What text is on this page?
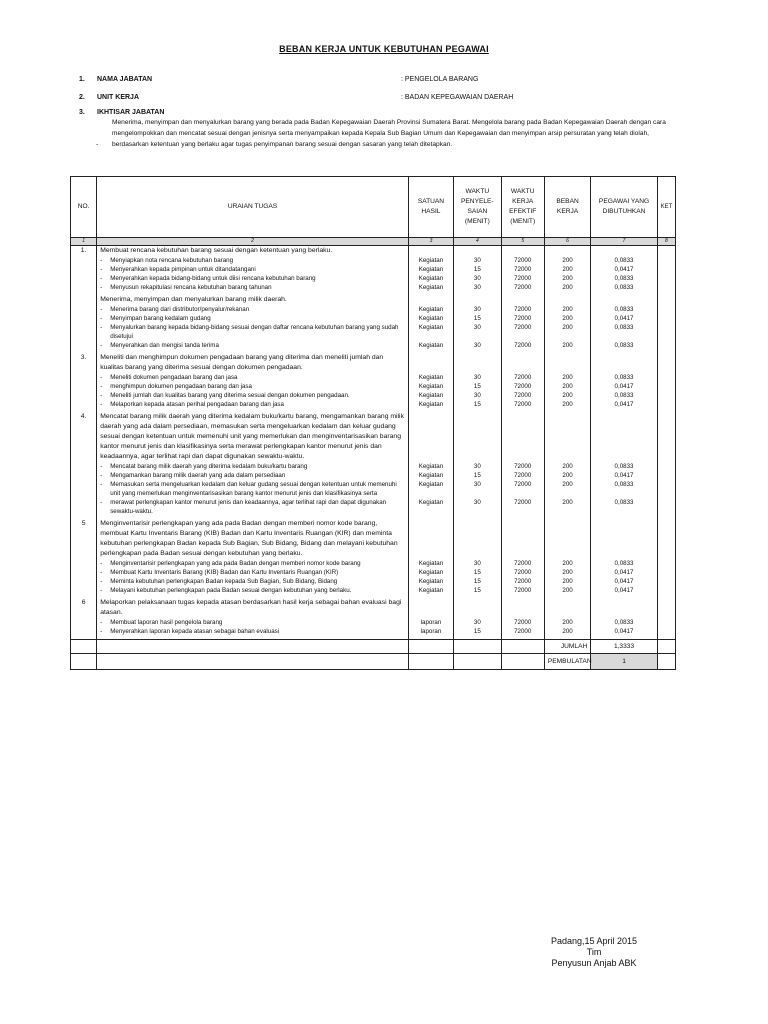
BEBAN KERJA UNTUK KEBUTUHAN PEGAWAI
1. NAMA JABATAN	: PENGELOLA BARANG
2. UNIT KERJA	: BADAN KEPEGAWAIAN DAERAH
3. IKHTISAR JABATAN
-
Menerima, menyimpan dan menyalurkan barang yang berada pada Badan Kepegawaian Daerah Provinsi Sumatera Barat. Mengelola barang pada Badan Kepegawaian Daerah dengan cara mengelompokkan dan mencatat sesuai dengan jenisnya serta menyampaikan kepada Kepala Sub Bagian Umum dan Kepegawaian dan menyimpan arsip persuratan yang telah diolah, berdasarkan ketentuan yang berlaku agar tugas penyimpanan barang sesuai dengan sasaran yang telah ditetapkan.
NO.	URAIAN TUGAS	SATUAN HASIL	WAKTU PENYELE-SAIAN (MENIT)	WAKTU KERJA EFEKTIF (MENIT)	BEBAN KERJA	PEGAWAI YANG DIBUTUHKAN	KET
1	2	3	4	5	6	7	8
1.	Membuat rencana kebutuhan barang sesuai dengan ketentuan yang berlaku.						

	- Menyiapkan nota rencana kebutuhan barang	Kegiatan	30	72000	200	0,0833	

	- Menyerahkan kepada pimpinan untuk ditandatangani	Kegiatan	15	72000	200	0,0417	

	- Menyerahkan kepada bidang-bidang untuk diisi rencana kebutuhan barang	Kegiatan	30	72000	200	0,0833	

	- Menyusun rekapitulasi rencana kebutuhan barang tahunan	Kegiatan	30	72000	200	0,0833	

	Menerima, menyimpan dan menyalurkan barang milik daerah.						

	- Menerima barang dari distributor/penyalur/rekanan	Kegiatan	30	72000	200	0,0833	

	- Menyimpan barang kedalam gudang	Kegiatan	15	72000	200	0,0417	

	- Menyalurkan barang kepada bidang-bidang sesuai dengan daftar rencana kebutuhan barang yang sudah disetujui	Kegiatan	30	72000	200	0,0833	

	- Menyerahkan dan mengisi tanda terima	Kegiatan	30	72000	200	0,0833	

3.	Meneliti dan menghimpun dokumen pengadaan barang yang diterima dan meneliti jumlah dan kualitas barang yang diterima sesuai dengan dokumen pengadaan.						

	- Meneliti dokumen pengadaan barang dan jasa	Kegiatan	30	72000	200	0,0833	

	- menghimpun dokumen pengadaan barang dan jasa	Kegiatan	15	72000	200	0,0417	

	- Meneliti jumlah dan kualitas barang yang diterima sesuai dengan dokumen pengadaan.	Kegiatan	30	72000	200	0,0833	

	- Melaporkan kepada atasan perihal pengadaan barang dan jasa	Kegiatan	15	72000	200	0,0417	

4.	Mencatat barang milik daerah yang diterima kedalam buku/kartu barang, mengamankan barang milik daerah yang ada dalam persediaan, memasukan serta mengeluarkan kedalam dan keluar gudang sesuai dengan ketentuan untuk memenuhi unit yang memerlukan dan menginventarisasikan barang kantor menurut jenis dan klasifikasinya serta merawat perlengkapan kantor menurut jenis dan keadaannya, agar terlihat rapi dan dapat digunakan sewaktu-waktu.						

	- Mencatat barang milik daerah yang diterima kedalam buku/kartu barang	Kegiatan	30	72000	200	0,0833	

	- Mengamankan barang milik daerah yang ada dalam persediaan	Kegiatan	15	72000	200	0,0417	

	- Memasukan serta mengeluarkan kedalam dan keluar gudang sesuai dengan ketentuan untuk memenuhi unit yang memerlukan menginventarisasikan barang kantor menurut jenis dan klasifikasinya serta	Kegiatan	30	72000	200	0,0833	

	- merawat perlengkapan kantor menurut jenis dan keadaannya, agar terlihat rapi dan dapat digunakan sewaktu-waktu.	Kegiatan	30	72000	200	0,0833	

5	Menginventarisir perlengkapan yang ada pada Badan dengan memberi nomor kode barang, membuat Kartu Inventaris Barang (KIB) Badan dan Kartu Inventaris Ruangan (KIR) dan meminta kebutuhan perlengkapan Badan kepada Sub Bagian, Sub Bidang, Bidang dan melayani kebutuhan perlengkapan pada Badan sesuai dengan kebutuhan yang berlaku.						

	- Menginventarisir perlengkapan yang ada pada Badan dengan memberi nomor kode barang	Kegiatan	30	72000	200	0,0833	

	- Membuat Kartu Inventaris Barang (KIB) Badan dan Kartu Inventaris Ruangan (KIR)	Kegiatan	15	72000	200	0,0417	

	- Meminta kebutuhan perlengkapan Badan kepada Sub Bagian, Sub Bidang, Bidang	Kegiatan	15	72000	200	0,0417	

	- Melayani kebutuhan perlengkapan pada Badan sesuai dengan kebutuhan yang berlaku.	Kegiatan	15	72000	200	0,0417	

6	Melaporkan pelaksanaan tugas kepada atasan berdasarkan hasil kerja sebagai bahan evaluasi bagi atasan.						

	- Membuat laporan hasil pengelola barang	laporan	30	72000	200	0,0833	

	- Menyerahkan laporan kepada atasan sebagai bahan evaluasi	laporan	15	72000	200	0,0417	

					JUMLAH	1,3333	
					PEMBULATAN	1	
Padang,15 April 2015
Tim
Penyusun Anjab ABK
